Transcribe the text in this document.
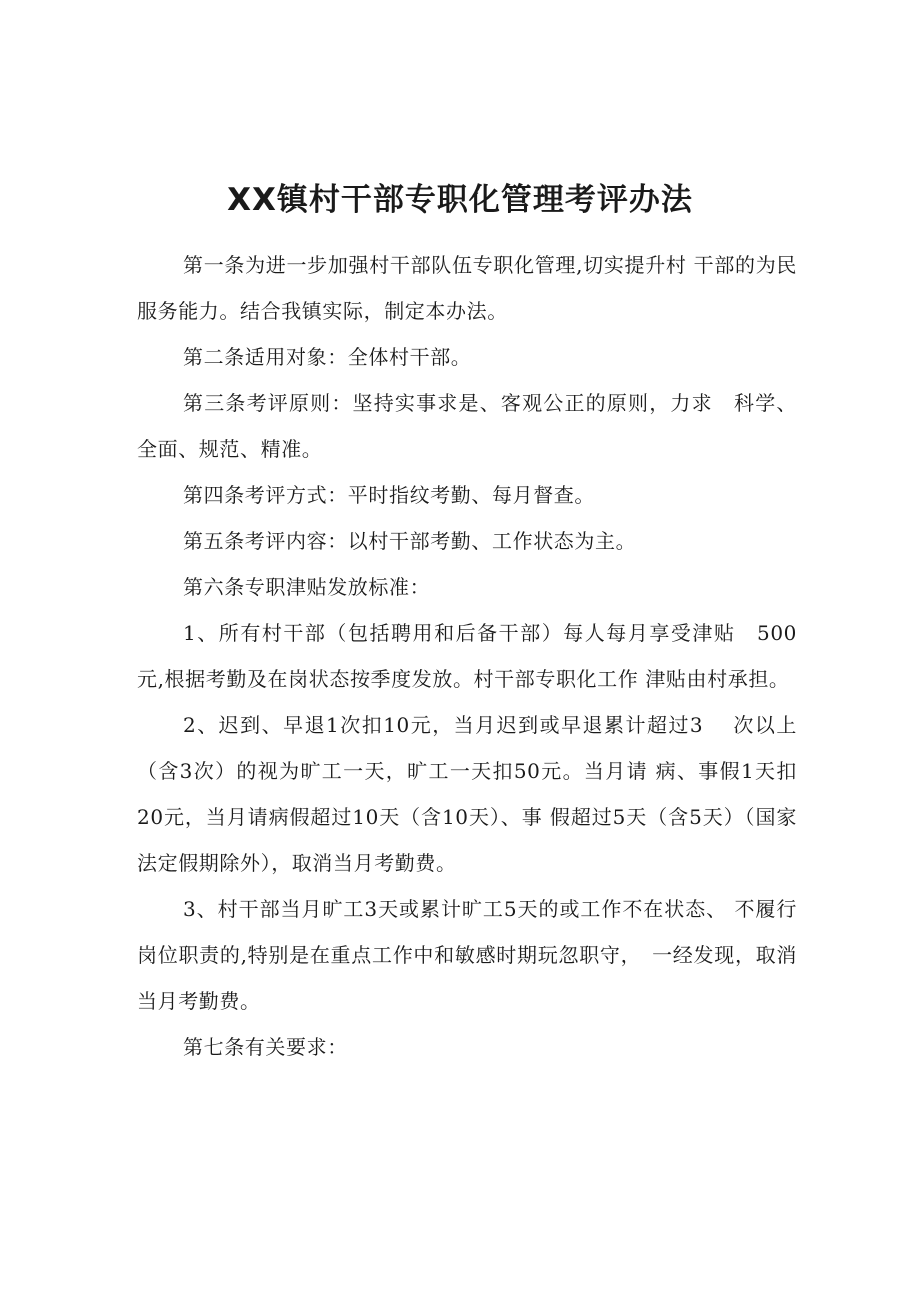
XX镇村干部专职化管理考评办法

第一条为进一步加强村干部队伍专职化管理,切实提升村 干部的为民服务能力。结合我镇实际，制定本办法。

第二条适用对象：全体村干部。

第三条考评原则：坚持实事求是、客观公正的原则，力求　科学、全面、规范、精准。

第四条考评方式：平时指纹考勤、每月督查。

第五条考评内容：以村干部考勤、工作状态为主。

第六条专职津贴发放标准：

1、所有村干部（包括聘用和后备干部）每人每月享受津贴　500元,根据考勤及在岗状态按季度发放。村干部专职化工作 津贴由村承担。

2、迟到、早退1次扣10元，当月迟到或早退累计超过3　 次以上（含3次）的视为旷工一天，旷工一天扣50元。当月请 病、事假1天扣20元，当月请病假超过10天（含10天）、事 假超过5天（含5天）（国家法定假期除外），取消当月考勤费。

3、村干部当月旷工3天或累计旷工5天的或工作不在状态、 不履行岗位职责的,特别是在重点工作中和敏感时期玩忽职守，　一经发现，取消当月考勤费。

第七条有关要求：
